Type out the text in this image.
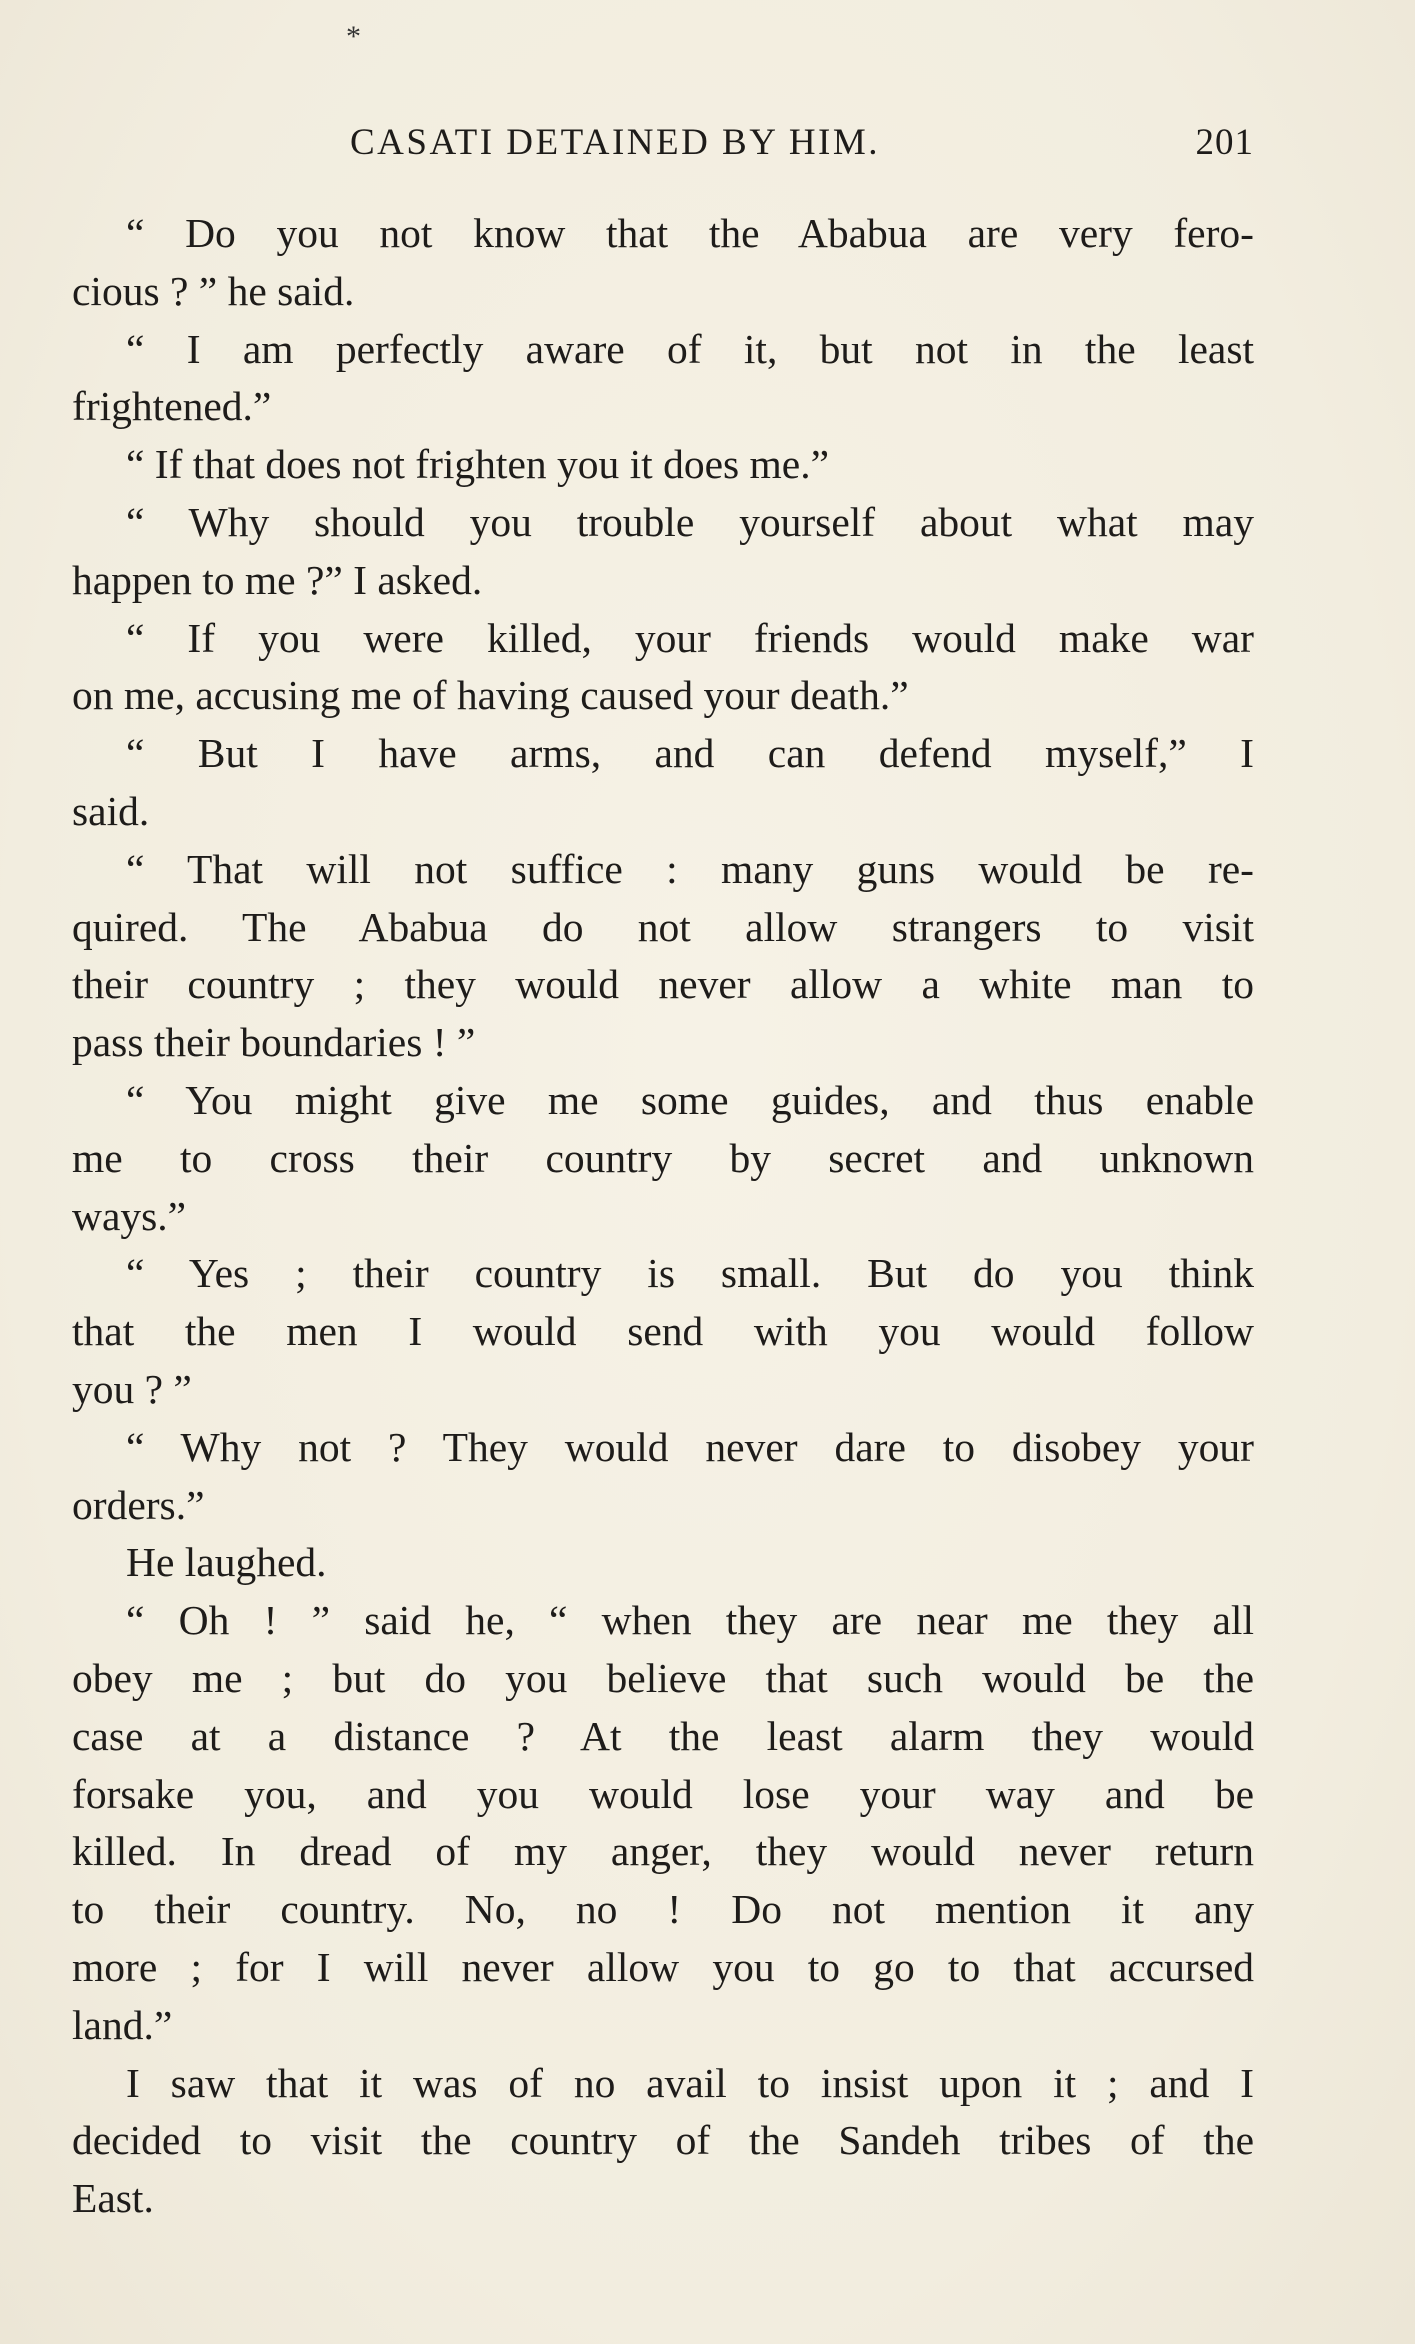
*
CASATI DETAINED BY HIM.	201
“ Do you not know that the Ababua are very fero-
cious ? ” he said.
“ I am perfectly aware of it, but not in the least
frightened.”
“ If that does not frighten you it does me.”
“ Why should you trouble yourself about what may
happen to me ?” I asked.
“ If you were killed, your friends would make war
on me, accusing me of having caused your death.”
“ But I have arms, and can defend myself,” I
said.
“ That will not suffice : many guns would be re-
quired. The Ababua do not allow strangers to visit
their country ; they would never allow a white man to
pass their boundaries ! ”
“ You might give me some guides, and thus enable
me to cross their country by secret and unknown
ways.”
“ Yes ; their country is small. But do you think
that the men I would send with you would follow
you ? ”
“ Why not ? They would never dare to disobey your
orders.”
He laughed.
“ Oh ! ” said he, “ when they are near me they all
obey me ; but do you believe that such would be the
case at a distance ? At the least alarm they would
forsake you, and you would lose your way and be
killed. In dread of my anger, they would never return
to their country. No, no ! Do not mention it any
more ; for I will never allow you to go to that accursed
land.”
I saw that it was of no avail to insist upon it ; and I
decided to visit the country of the Sandeh tribes of the
East.
